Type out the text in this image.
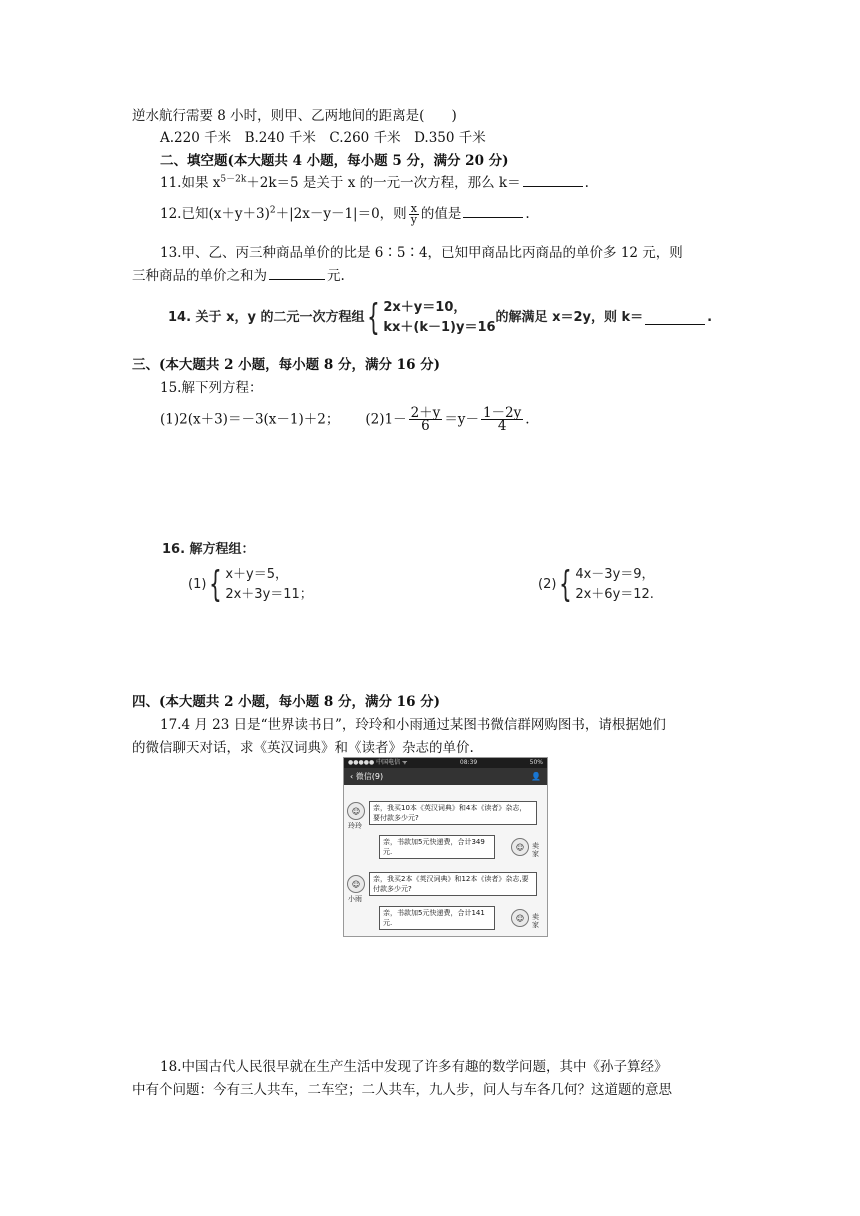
逆水航行需要 8 小时，则甲、乙两地间的距离是(　　)
A.220 千米　B.240 千米　C.260 千米　D.350 千米
二、填空题(本大题共 4 小题，每小题 5 分，满分 20 分)
11.如果 $x^{5-2k}+2k=5$ 是关于 x 的一元一次方程，那么 k＝	.
12.已知$(x+y+3)^2+|2x-y-1|=0$，则 $\frac{x}{y}$ 的值是	.
13.甲、乙、丙三种商品单价的比是 6∶5∶4，已知甲商品比丙商品的单价多 12 元，则
三种商品的单价之和为	元.
14. 关于 x，y 的二元一次方程组{ 2x＋y＝10，
kx＋(k－1)y＝16
的解满足 x＝2y，则 k＝	.
三、(本大题共 2 小题，每小题 8 分，满分 16 分)
15.解下列方程：
(1)2(x＋3)＝－3(x－1)＋2； $(2)1- \frac{2+y}{6} =y- \frac{1-2y}{4}$ .
16. 解方程组：
(1){ x＋y＝5，
2x＋3y＝11；
(2){ 4x－3y＝9，
2x＋6y＝12.
四、(本大题共 2 小题，每小题 8 分，满分 16 分)
17.4 月 23 日是“世界读书日”，玲玲和小雨通过某图书微信群网购图书，请根据她们
的微信聊天对话，求《英汉词典》和《读者》杂志的单价.
●●●●● 中国电信 ᯤ	08:39	50%
‹ 微信(9)	👤
☺
玲玲
亲，我买10本《英汉词典》和4本《读者》杂志，要付款多少元?
亲，书款加5元快递费，合计349元.
☺	卖家
☺
小雨
亲，我买2本《英汉词典》和12本《读者》杂志,要付款多少元?
亲，书款加5元快递费，合计141元.
☺	卖家
18.中国古代人民很早就在生产生活中发现了许多有趣的数学问题，其中《孙子算经》
中有个问题：今有三人共车，二车空；二人共车，九人步，问人与车各几何？这道题的意思
